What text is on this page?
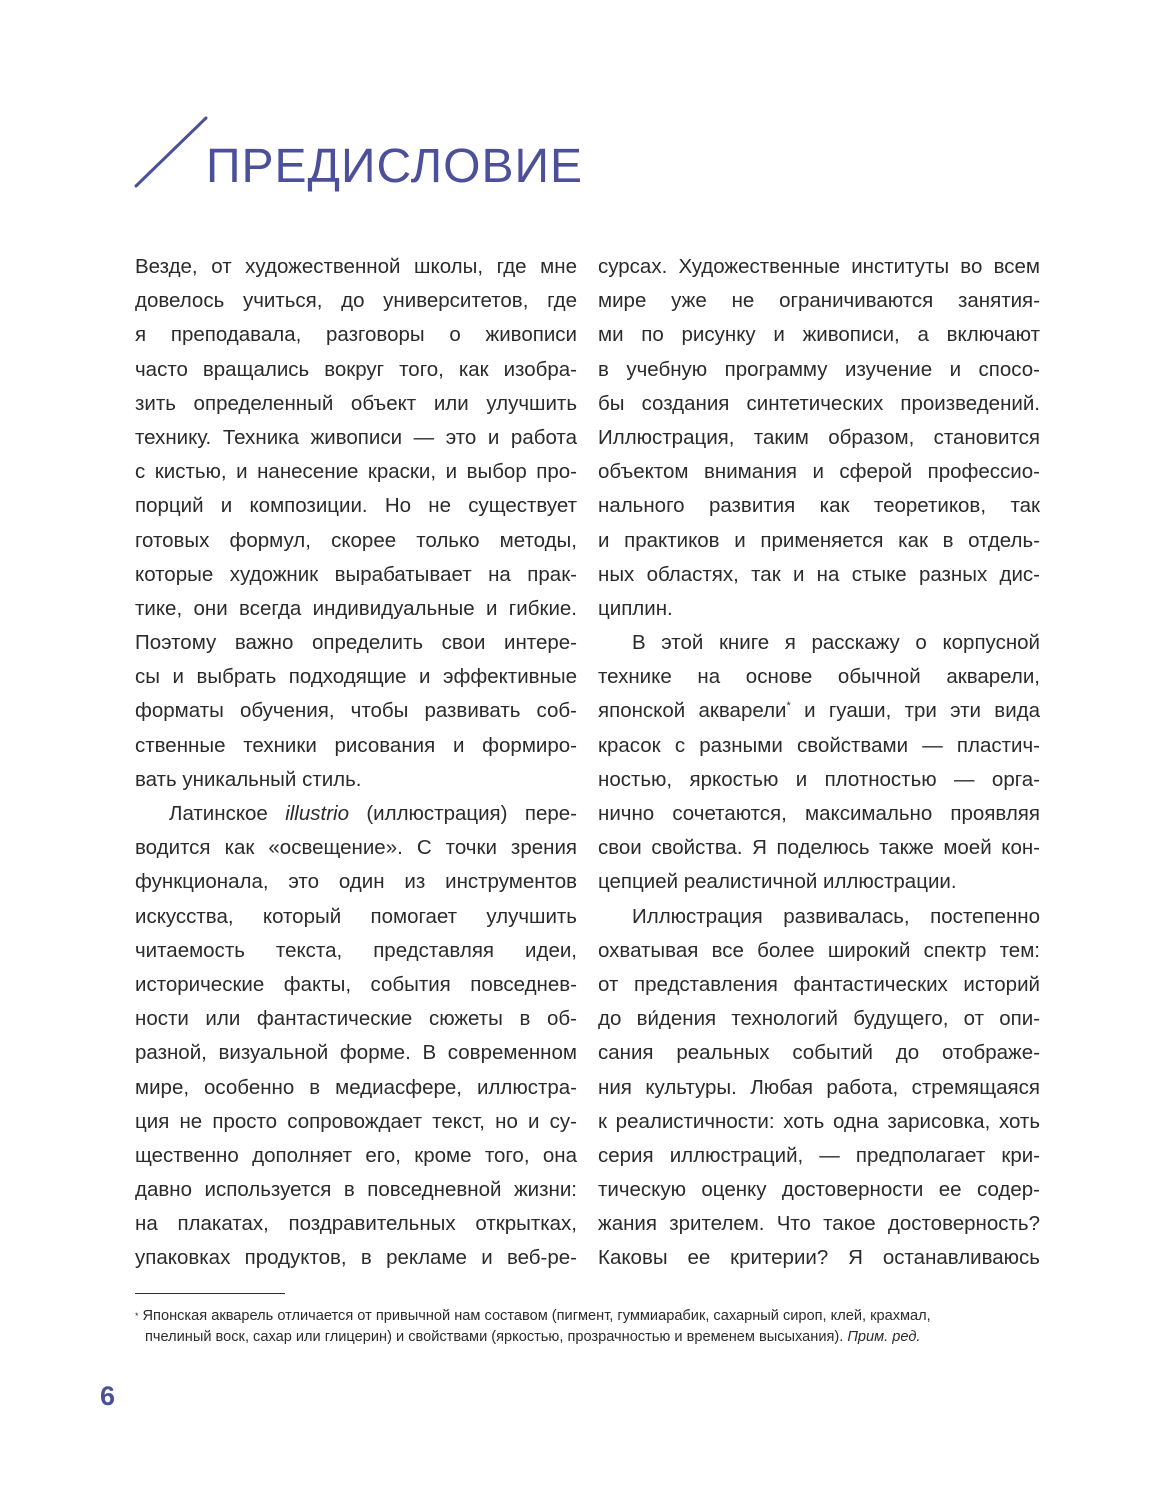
ПРЕДИСЛОВИЕ

Везде, от художественной школы, где мне
довелось учиться, до университетов, где
я преподавала, разговоры о живописи
часто вращались вокруг того, как изобра-
зить определенный объект или улучшить
технику. Техника живописи — это и работа
с кистью, и нанесение краски, и выбор про-
порций и композиции. Но не существует
готовых формул, скорее только методы,
которые художник вырабатывает на прак-
тике, они всегда индивидуальные и гибкие.
Поэтому важно определить свои интере-
сы и выбрать подходящие и эффективные
форматы обучения, чтобы развивать соб-
ственные техники рисования и формиро-
вать уникальный стиль.

Латинское illustrio (иллюстрация) пере-
водится как «освещение». С точки зрения
функционала, это один из инструментов
искусства, который помогает улучшить
читаемость текста, представляя идеи,
исторические факты, события повседнев-
ности или фантастические сюжеты в об-
разной, визуальной форме. В современном
мире, особенно в медиасфере, иллюстра-
ция не просто сопровождает текст, но и су-
щественно дополняет его, кроме того, она
давно используется в повседневной жизни:
на плакатах, поздравительных открытках,
упаковках продуктов, в рекламе и веб-ре-

сурсах. Художественные институты во всем
мире уже не ограничиваются занятия-
ми по рисунку и живописи, а включают
в учебную программу изучение и спосо-
бы создания синтетических произведений.
Иллюстрация, таким образом, становится
объектом внимания и сферой профессио-
нального развития как теоретиков, так
и практиков и применяется как в отдель-
ных областях, так и на стыке разных дис-
циплин.

В этой книге я расскажу о корпусной
технике на основе обычной акварели,
японской акварели* и гуаши, три эти вида
красок с разными свойствами — пластич-
ностью, яркостью и плотностью — орга-
нично сочетаются, максимально проявляя
свои свойства. Я поделюсь также моей кон-
цепцией реалистичной иллюстрации.

Иллюстрация развивалась, постепенно
охватывая все более широкий спектр тем:
от представления фантастических историй
до ви́дения технологий будущего, от опи-
сания реальных событий до отображе-
ния культуры. Любая работа, стремящаяся
к реалистичности: хоть одна зарисовка, хоть
серия иллюстраций, — предполагает кри-
тическую оценку достоверности ее содер-
жания зрителем. Что такое достоверность?
Каковы ее критерии? Я останавливаюсь

* Японская акварель отличается от привычной нам составом (пигмент, гуммиарабик, сахарный сироп, клей, крахмал,
пчелиный воск, сахар или глицерин) и свойствами (яркостью, прозрачностью и временем высыхания). Прим. ред.
6
